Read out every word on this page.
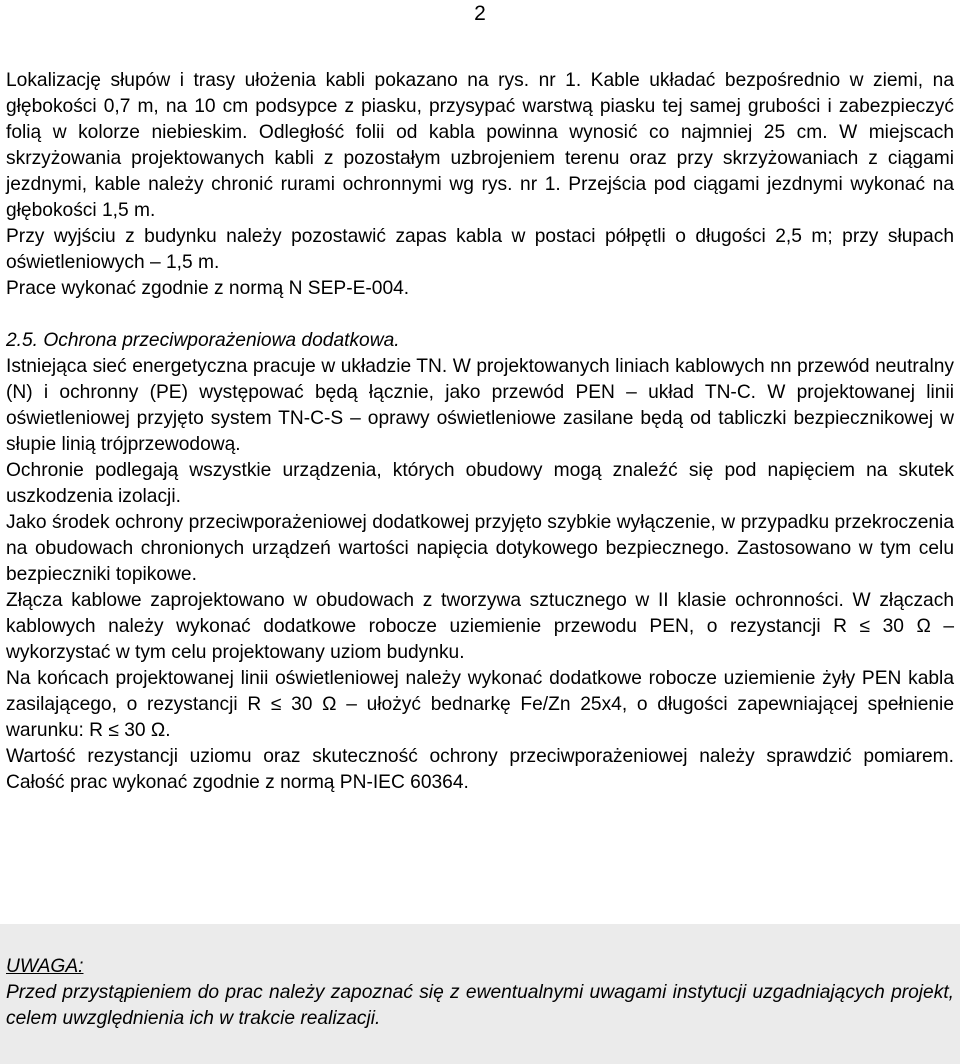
2

Lokalizację słupów i trasy ułożenia kabli pokazano na rys. nr 1. Kable układać bezpośrednio w ziemi, na głębokości 0,7 m, na 10 cm podsypce z piasku, przysypać warstwą piasku tej samej grubości i zabezpieczyć folią w kolorze niebieskim. Odległość folii od kabla powinna wynosić co najmniej 25 cm. W miejscach skrzyżowania projektowanych kabli z pozostałym uzbrojeniem terenu oraz przy skrzyżowaniach z ciągami jezdnymi, kable należy chronić rurami ochronnymi wg rys. nr 1. Przejścia pod ciągami jezdnymi wykonać na głębokości 1,5 m.

Przy wyjściu z budynku należy pozostawić zapas kabla w postaci półpętli o długości 2,5 m; przy słupach oświetleniowych – 1,5 m.

Prace wykonać zgodnie z normą N SEP-E-004.

2.5. Ochrona przeciwporażeniowa dodatkowa.

Istniejąca sieć energetyczna pracuje w układzie TN. W projektowanych liniach kablowych nn przewód neutralny (N) i ochronny (PE) występować będą łącznie, jako przewód PEN – układ TN-C. W projektowanej linii oświetleniowej przyjęto system TN-C-S – oprawy oświetleniowe zasilane będą od tabliczki bezpiecznikowej w słupie linią trójprzewodową.

Ochronie podlegają wszystkie urządzenia, których obudowy mogą znaleźć się pod napięciem na skutek uszkodzenia izolacji.

Jako środek ochrony przeciwporażeniowej dodatkowej przyjęto szybkie wyłączenie, w przypadku przekroczenia na obudowach chronionych urządzeń wartości napięcia dotykowego bezpiecznego. Zastosowano w tym celu bezpieczniki topikowe.

Złącza kablowe zaprojektowano w obudowach z tworzywa sztucznego w II klasie ochronności. W złączach kablowych należy wykonać dodatkowe robocze uziemienie przewodu PEN, o rezystancji R ≤ 30 Ω – wykorzystać w tym celu projektowany uziom budynku.

Na końcach projektowanej linii oświetleniowej należy wykonać dodatkowe robocze uziemienie żyły PEN kabla zasilającego, o rezystancji R ≤ 30 Ω – ułożyć bednarkę Fe/Zn 25x4, o długości zapewniającej spełnienie warunku: R ≤ 30 Ω.

Wartość rezystancji uziomu oraz skuteczność ochrony przeciwporażeniowej należy sprawdzić pomiarem. Całość prac wykonać zgodnie z normą PN-IEC 60364.

UWAGA:

Przed przystąpieniem do prac należy zapoznać się z ewentualnymi uwagami instytucji uzgadniających projekt, celem uwzględnienia ich w trakcie realizacji.
